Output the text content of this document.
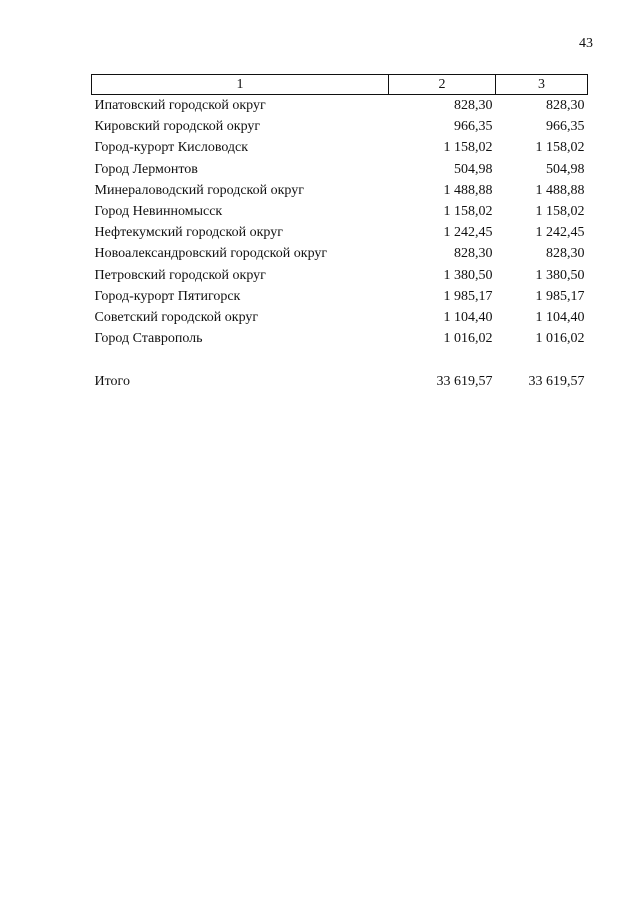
43
1	2	3
Ипатовский городской округ	828,30	828,30
Кировский городской округ	966,35	966,35
Город-курорт Кисловодск	1 158,02	1 158,02
Город Лермонтов	504,98	504,98
Минераловодский городской округ	1 488,88	1 488,88
Город Невинномысск	1 158,02	1 158,02
Нефтекумский городской округ	1 242,45	1 242,45
Новоалександровский городской округ	828,30	828,30
Петровский городской округ	1 380,50	1 380,50
Город-курорт Пятигорск	1 985,17	1 985,17
Советский городской округ	1 104,40	1 104,40
Город Ставрополь	1 016,02	1 016,02

Итого	33 619,57	33 619,57
